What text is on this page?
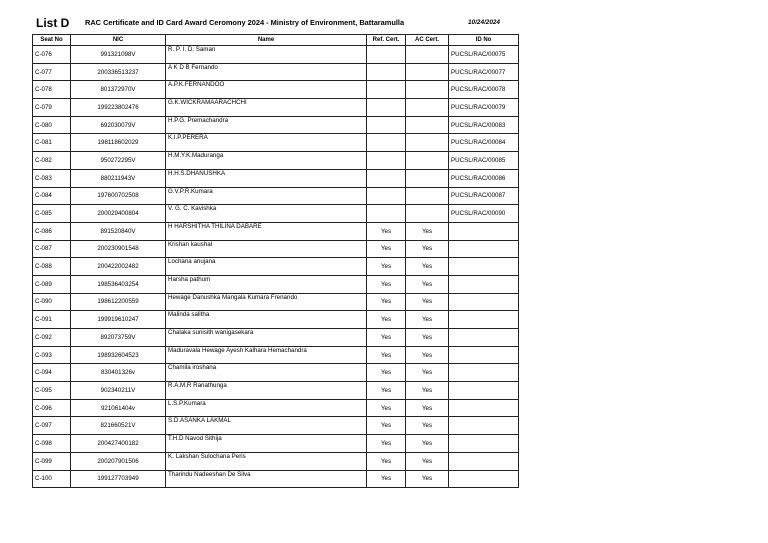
List D RAC Certificate and ID Card Award Ceromony 2024 - Ministry of Environment, Battaramulla	10/24/2024
Seat No	NIC	Name	Ref. Cert.	AC Cert.	ID No
C-076	991321098V	R. P. I. D. Saman			PUCSL/RAC/00075
C-077	200336513237	A K D B Fernando			PUCSL/RAC/00077
C-078	801372970V	A.P.K.FERNANDOO			PUCSL/RAC/00078
C-079	199223802476	G.K.WICKRAMAARACHCHI			PUCSL/RAC/00079
C-080	692030079V	H.P.G. Premachandra			PUCSL/RAC/00083
C-081	198118602029	K.I.P.PERERA			PUCSL/RAC/00084
C-082	950272295V	H.M.Y.K.Maduranga			PUCSL/RAC/00085
C-083	880211943V	H.H.S.DHANUSHKA			PUCSL/RAC/00086
C-084	197600702508	G.V.P.R.Kumara			PUCSL/RAC/00087
C-085	200029400804	V. G. C. Kavishka			PUCSL/RAC/00090
C-086	891520840V	H HARSHITHA THILINA DABARE	Yes	Yes	
C-087	200230901548	Krishan kaushal	Yes	Yes	
C-088	200422002482	Lochana anujana	Yes	Yes	
C-089	198536403254	Harsha pathum	Yes	Yes	
C-090	198612200559	Hewage Danushka Mangala Kumara Frenando	Yes	Yes	
C-091	199919610247	Malinda salitha	Yes	Yes	
C-092	892073759V	Chalaka sunisith wanigasekara	Yes	Yes	
C-093	198932604523	Maduravala Hewage Ayesh Kalhara Hemachandra	Yes	Yes	
C-094	830401326v	Chamila iroshana	Yes	Yes	
C-095	902340211V	R.A.M.R Ranathunga	Yes	Yes	
C-096	921061404v	L.S.P.Kumara	Yes	Yes	
C-097	821660521V	S.D.ASANKA LAKMAL	Yes	Yes	
C-098	200427400182	T.H.D Navod Sithija	Yes	Yes	
C-099	200207901506	K. Lakshan Sulochana Peris	Yes	Yes	
C-100	199127703949	Tharindu Nadeeshan De Silva	Yes	Yes	
